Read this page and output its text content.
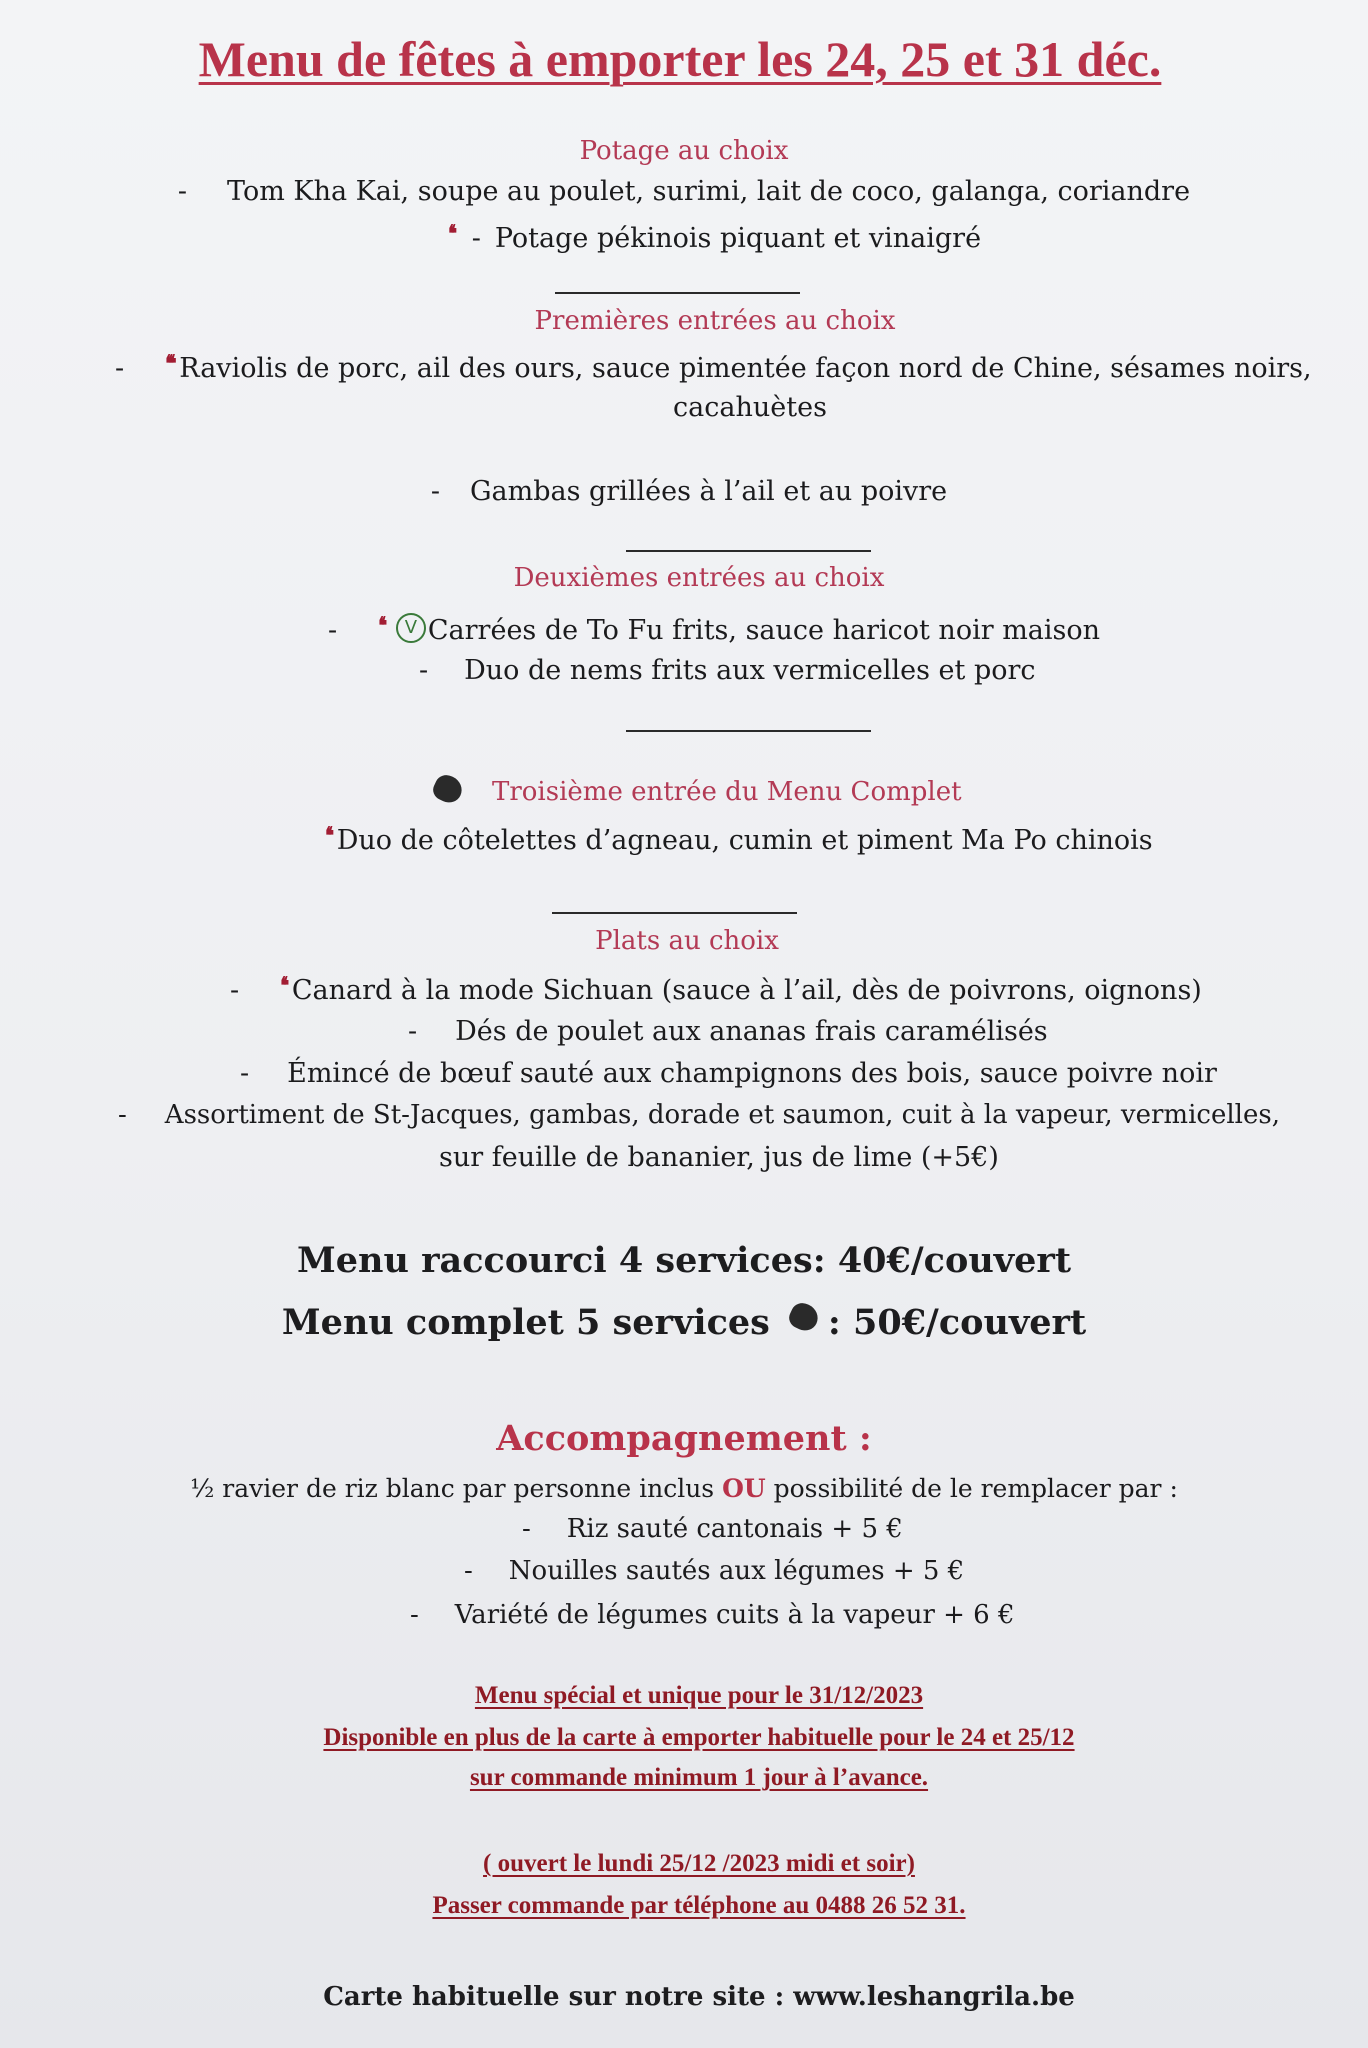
Menu de fêtes à emporter les 24, 25 et 31 déc.
Potage au choix
- Tom Kha Kai, soupe au poulet, surimi, lait de coco, galanga, coriandre
❛❛ - Potage pékinois piquant et vinaigré
Premières entrées au choix
- ❛❛❛ Raviolis de porc, ail des ours, sauce pimentée façon nord de Chine, sésames noirs,
cacahuètes
- Gambas grillées à l’ail et au poivre
Deuxièmes entrées au choix
- ❛❛ V Carrées de To Fu frits, sauce haricot noir maison
- Duo de nems frits aux vermicelles et porc
Troisième entrée du Menu Complet
❛❛ Duo de côtelettes d’agneau, cumin et piment Ma Po chinois
Plats au choix
- ❛❛ Canard à la mode Sichuan (sauce à l’ail, dès de poivrons, oignons)
- Dés de poulet aux ananas frais caramélisés
- Émincé de bœuf sauté aux champignons des bois, sauce poivre noir
- Assortiment de St-Jacques, gambas, dorade et saumon, cuit à la vapeur, vermicelles,
sur feuille de bananier, jus de lime (+5€)
Menu raccourci 4 services: 40€/couvert
Menu complet 5 services : 50€/couvert
Accompagnement :
½ ravier de riz blanc par personne inclus OU possibilité de le remplacer par :
- Riz sauté cantonais + 5 €
- Nouilles sautés aux légumes + 5 €
- Variété de légumes cuits à la vapeur + 6 €
Menu spécial et unique pour le 31/12/2023
Disponible en plus de la carte à emporter habituelle pour le 24 et 25/12
sur commande minimum 1 jour à l’avance.
( ouvert le lundi 25/12 /2023 midi et soir)
Passer commande par téléphone au 0488 26 52 31.
Carte habituelle sur notre site : www.leshangrila.be
